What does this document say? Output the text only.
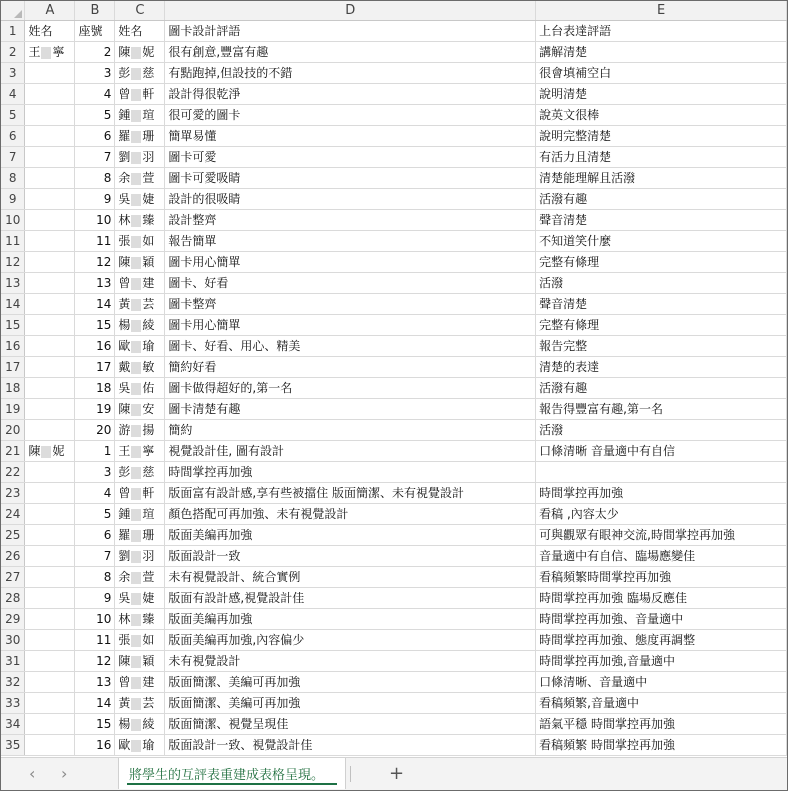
	A	B	C	D	E
1	姓名	座號	姓名	圖卡設計評語	上台表達評語
2	王 寧	2	陳 妮	很有創意,豐富有趣	講解清楚
3		3	彭 慈	有點跑掉,但設技的不錯	很會填補空白
4		4	曾 軒	設計得很乾淨	說明清楚
5		5	鍾 瑄	很可愛的圖卡	說英文很棒
6		6	羅 珊	簡單易懂	說明完整清楚
7		7	劉 羽	圖卡可愛	有活力且清楚
8		8	余 萱	圖卡可愛吸睛	清楚能理解且活潑
9		9	吳 婕	設計的很吸睛	活潑有趣
10		10	林 臻	設計整齊	聲音清楚
11		11	張 如	報告簡單	不知道笑什麼
12		12	陳 穎	圖卡用心簡單	完整有條理
13		13	曾 建	圖卡、好看	活潑
14		14	黃 芸	圖卡整齊	聲音清楚
15		15	楊 綾	圖卡用心簡單	完整有條理
16		16	歐 瑜	圖卡、好看、用心、精美	報告完整
17		17	戴 敏	簡約好看	清楚的表達
18		18	吳 佑	圖卡做得超好的,第一名	活潑有趣
19		19	陳 安	圖卡清楚有趣	報告得豐富有趣,第一名
20		20	游 揚	簡約	活潑
21	陳 妮	1	王 寧	視覺設計佳, 圖有設計	口條清晰 音量適中有自信
22		3	彭 慈	時間掌控再加強	
23		4	曾 軒	版面富有設計感,享有些被擋住 版面簡潔、未有視覺設計	時間掌控再加強
24		5	鍾 瑄	顏色搭配可再加強、未有視覺設計	看稿 ,內容太少
25		6	羅 珊	版面美編再加強	可與觀眾有眼神交流,時間掌控再加強
26		7	劉 羽	版面設計一致	音量適中有自信、臨場應變佳
27		8	余 萱	未有視覺設計、統合實例	看稿頻繁時間掌控再加強
28		9	吳 婕	版面有設計感,視覺設計佳	時間掌控再加強 臨場反應佳
29		10	林 臻	版面美編再加強	時間掌控再加強、音量適中
30		11	張 如	版面美編再加強,內容偏少	時間掌控再加強、態度再調整
31		12	陳 穎	未有視覺設計	時間掌控再加強,音量適中
32		13	曾 建	版面簡潔、美編可再加強	口條清晰、音量適中
33		14	黃 芸	版面簡潔、美編可再加強	看稿頻繁,音量適中
34		15	楊 綾	版面簡潔、視覺呈現佳	語氣平穩 時間掌控再加強
35		16	歐 瑜	版面設計一致、視覺設計佳	看稿頻繁 時間掌控再加強
‹ ›	將學生的互評表重建成表格呈現。	+
